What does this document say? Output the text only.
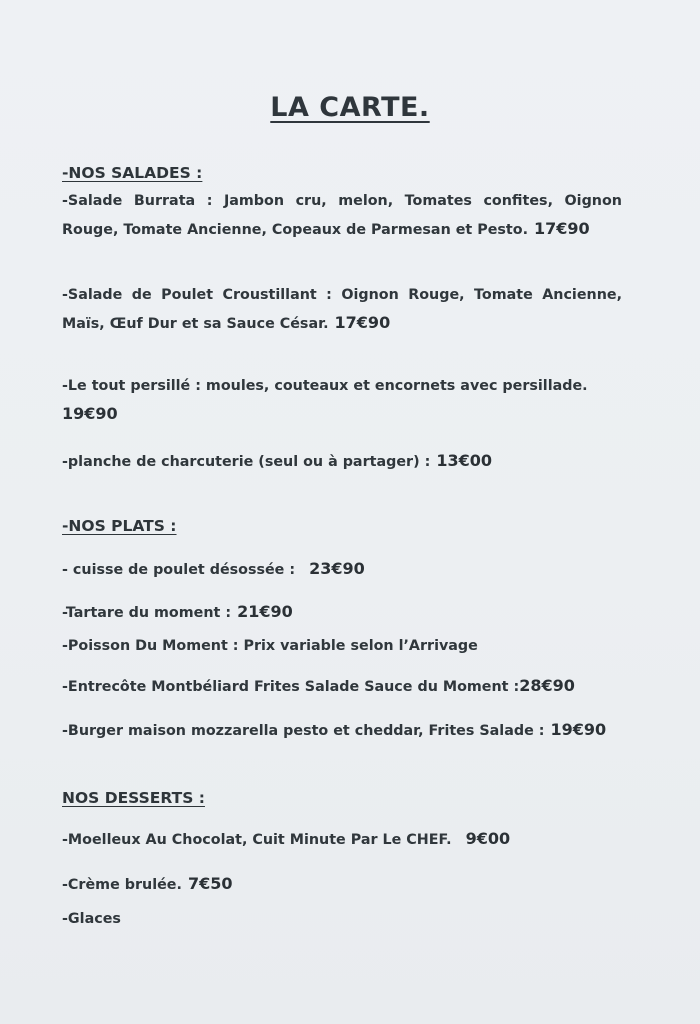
LA CARTE.
-NOS SALADES :
-Salade Burrata : Jambon cru, melon, Tomates confites, Oignon Rouge, Tomate Ancienne, Copeaux de Parmesan et Pesto. 17€90
-Salade de Poulet Croustillant : Oignon Rouge, Tomate Ancienne, Maïs, Œuf Dur et sa Sauce César. 17€90
-Le tout persillé : moules, couteaux et encornets avec persillade.
19€90
-planche de charcuterie (seul ou à partager) : 13€00
-NOS PLATS :
- cuisse de poulet désossée : 23€90
-Tartare du moment : 21€90
-Poisson Du Moment : Prix variable selon l’Arrivage
-Entrecôte Montbéliard Frites Salade Sauce du Moment :28€90
-Burger maison mozzarella pesto et cheddar, Frites Salade : 19€90
NOS DESSERTS :
-Moelleux Au Chocolat, Cuit Minute Par Le CHEF. 9€00
-Crème brulée. 7€50
-Glaces
